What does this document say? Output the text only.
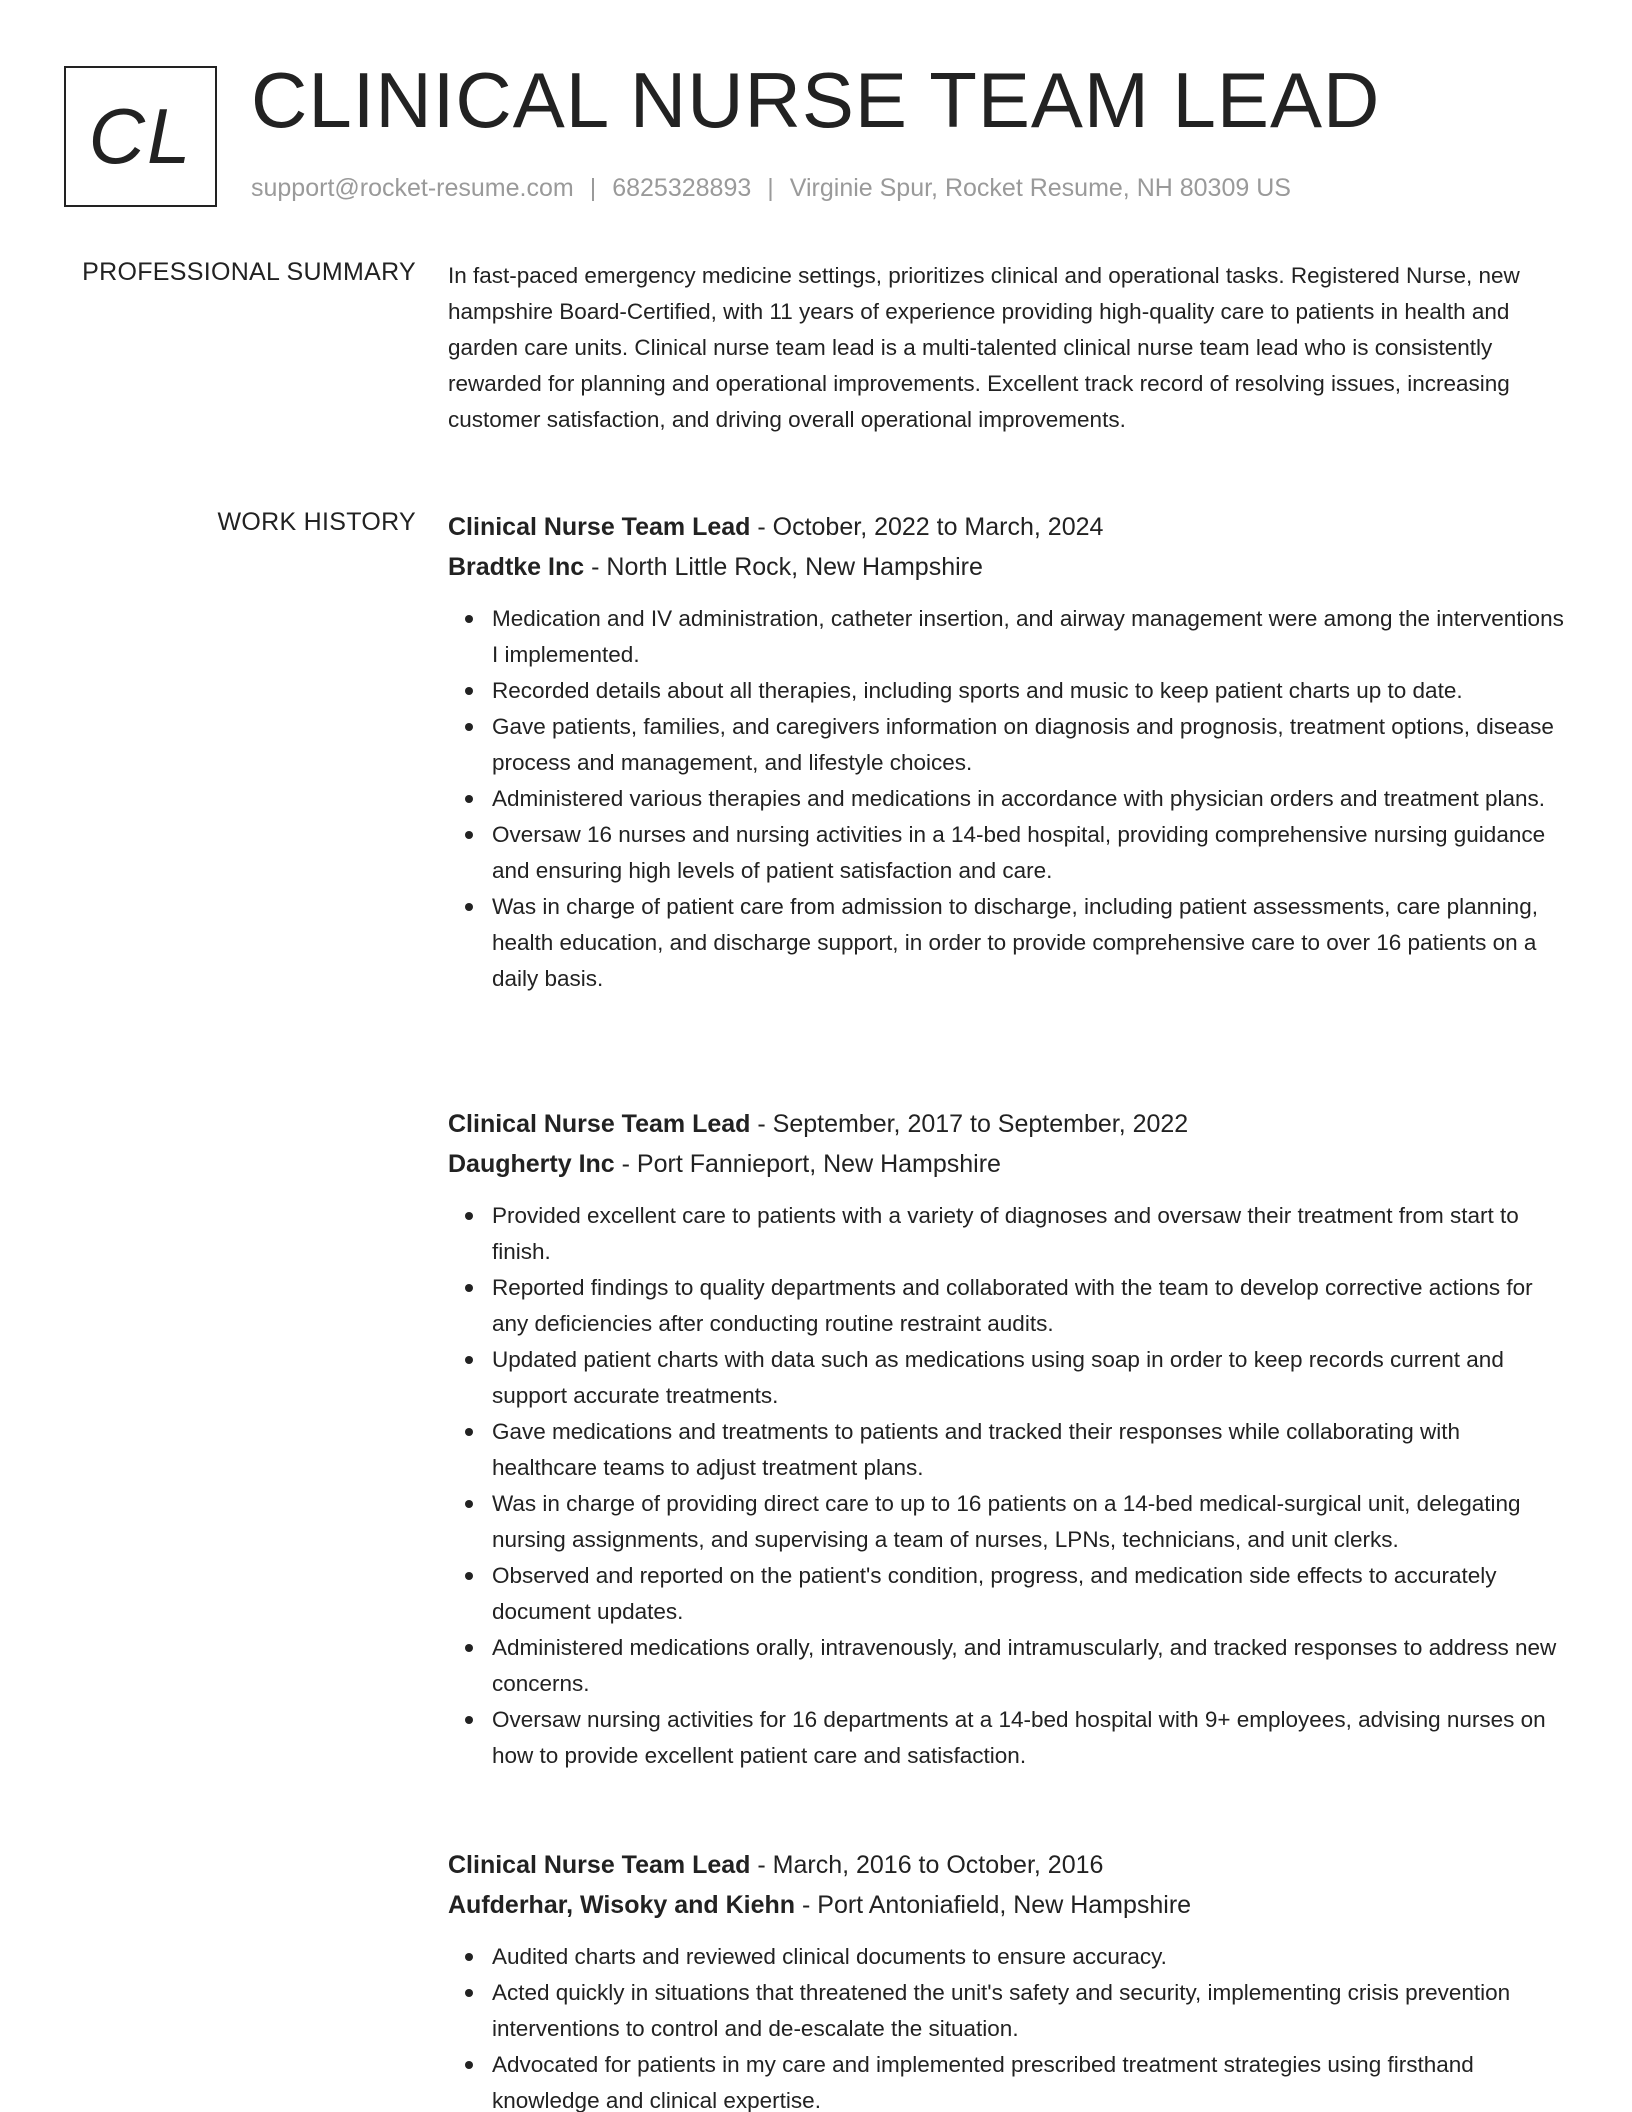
CL CLINICAL NURSE TEAM LEAD
support@rocket-resume.com | 6825328893 | Virginie Spur, Rocket Resume, NH 80309 US
PROFESSIONAL SUMMARY In fast-paced emergency medicine settings, prioritizes clinical and operational tasks. Registered Nurse, new hampshire Board-Certified, with 11 years of experience providing high-quality care to patients in health and garden care units. Clinical nurse team lead is a multi-talented clinical nurse team lead who is consistently rewarded for planning and operational improvements. Excellent track record of resolving issues, increasing customer satisfaction, and driving overall operational improvements.

WORK HISTORY Clinical Nurse Team Lead - October, 2022 to March, 2024
Bradtke Inc - North Little Rock, New Hampshire
Medication and IV administration, catheter insertion, and airway management were among the interventions I implemented.
Recorded details about all therapies, including sports and music to keep patient charts up to date.
Gave patients, families, and caregivers information on diagnosis and prognosis, treatment options, disease process and management, and lifestyle choices.
Administered various therapies and medications in accordance with physician orders and treatment plans.
Oversaw 16 nurses and nursing activities in a 14-bed hospital, providing comprehensive nursing guidance and ensuring high levels of patient satisfaction and care.
Was in charge of patient care from admission to discharge, including patient assessments, care planning, health education, and discharge support, in order to provide comprehensive care to over 16 patients on a daily basis.
Clinical Nurse Team Lead - September, 2017 to September, 2022
Daugherty Inc - Port Fannieport, New Hampshire
Provided excellent care to patients with a variety of diagnoses and oversaw their treatment from start to finish.
Reported findings to quality departments and collaborated with the team to develop corrective actions for any deficiencies after conducting routine restraint audits.
Updated patient charts with data such as medications using soap in order to keep records current and support accurate treatments.
Gave medications and treatments to patients and tracked their responses while collaborating with healthcare teams to adjust treatment plans.
Was in charge of providing direct care to up to 16 patients on a 14-bed medical-surgical unit, delegating nursing assignments, and supervising a team of nurses, LPNs, technicians, and unit clerks.
Observed and reported on the patient's condition, progress, and medication side effects to accurately document updates.
Administered medications orally, intravenously, and intramuscularly, and tracked responses to address new concerns.
Oversaw nursing activities for 16 departments at a 14-bed hospital with 9+ employees, advising nurses on how to provide excellent patient care and satisfaction.
Clinical Nurse Team Lead - March, 2016 to October, 2016
Aufderhar, Wisoky and Kiehn - Port Antoniafield, New Hampshire
Audited charts and reviewed clinical documents to ensure accuracy.
Acted quickly in situations that threatened the unit's safety and security, implementing crisis prevention interventions to control and de-escalate the situation.
Advocated for patients in my care and implemented prescribed treatment strategies using firsthand knowledge and clinical expertise.
